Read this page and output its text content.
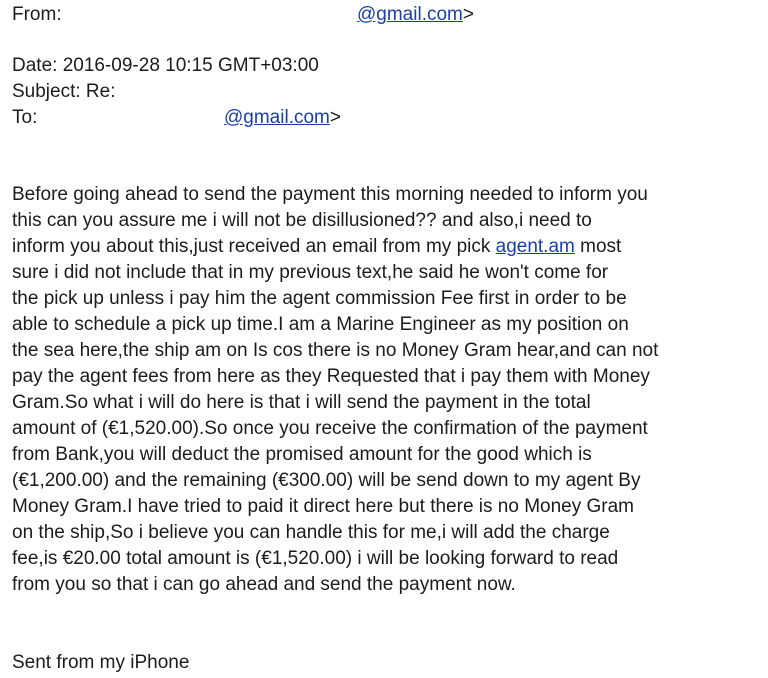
From:	@gmail.com>
Date: 2016-09-28 10:15 GMT+03:00
Subject: Re:
To:	@gmail.com>
Before going ahead to send the payment this morning needed to inform you
this can you assure me i will not be disillusioned?? and also,i need to
inform you about this,just received an email from my pick agent.am most
sure i did not include that in my previous text,he said he won't come for
the pick up unless i pay him the agent commission Fee first in order to be
able to schedule a pick up time.I am a Marine Engineer as my position on
the sea here,the ship am on Is cos there is no Money Gram hear,and can not
pay the agent fees from here as they Requested that i pay them with Money
Gram.So what i will do here is that i will send the payment in the total
amount of (€1,520.00).So once you receive the confirmation of the payment
from Bank,you will deduct the promised amount for the good which is
(€1,200.00) and the remaining (€300.00) will be send down to my agent By
Money Gram.I have tried to paid it direct here but there is no Money Gram
on the ship,So i believe you can handle this for me,i will add the charge
fee,is €20.00 total amount is (€1,520.00) i will be looking forward to read
from you so that i can go ahead and send the payment now.
Sent from my iPhone
